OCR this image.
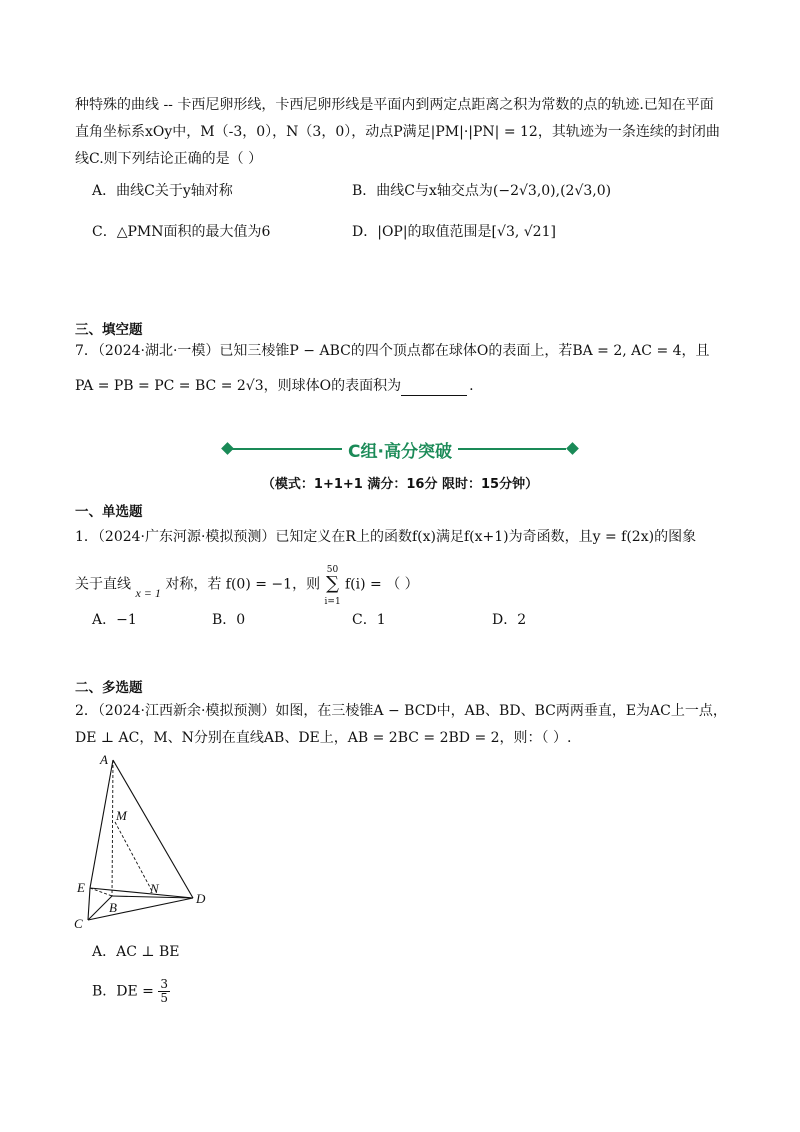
种特殊的曲线 -- 卡西尼卵形线，卡西尼卵形线是平面内到两定点距离之积为常数的点的轨迹.已知在平面
直角坐标系xOy中，M（-3，0），N（3，0），动点P满足|PM|·|PN| = 12，其轨迹为一条连续的封闭曲
线C.则下列结论正确的是（ ）
A．曲线C关于y轴对称	B．曲线C与x轴交点为(−2√3,0),(2√3,0)
C．△PMN面积的最大值为6	D．|OP|的取值范围是[√3, √21]
三、填空题
7．（2024·湖北·一模）已知三棱锥P − ABC的四个顶点都在球体O的表面上，若BA = 2, AC = 4，且
PA = PB = PC = BC = 2√3，则球体O的表面积为	.
C组·高分突破
（模式：1+1+1 满分：16分 限时：15分钟）
一、单选题
1．（2024·广东河源·模拟预测）已知定义在R上的函数f(x)满足f(x+1)为奇函数，且y = f(2x)的图象
关于直线 x = 1 对称，若 f(0) = −1，则
50
∑
i=1
f(i) = （ ）
A．−1	B．0	C．1	D．2
二、多选题
2．（2024·江西新余·模拟预测）如图，在三棱锥A − BCD中，AB、BD、BC两两垂直，E为AC上一点，
DE ⊥ AC，M、N分别在直线AB、DE上，AB = 2BC = 2BD = 2，则：（ ）.
A
M
E	N
B
C
D
A．AC ⊥ BE
B．DE = $\frac{3}{5}$
